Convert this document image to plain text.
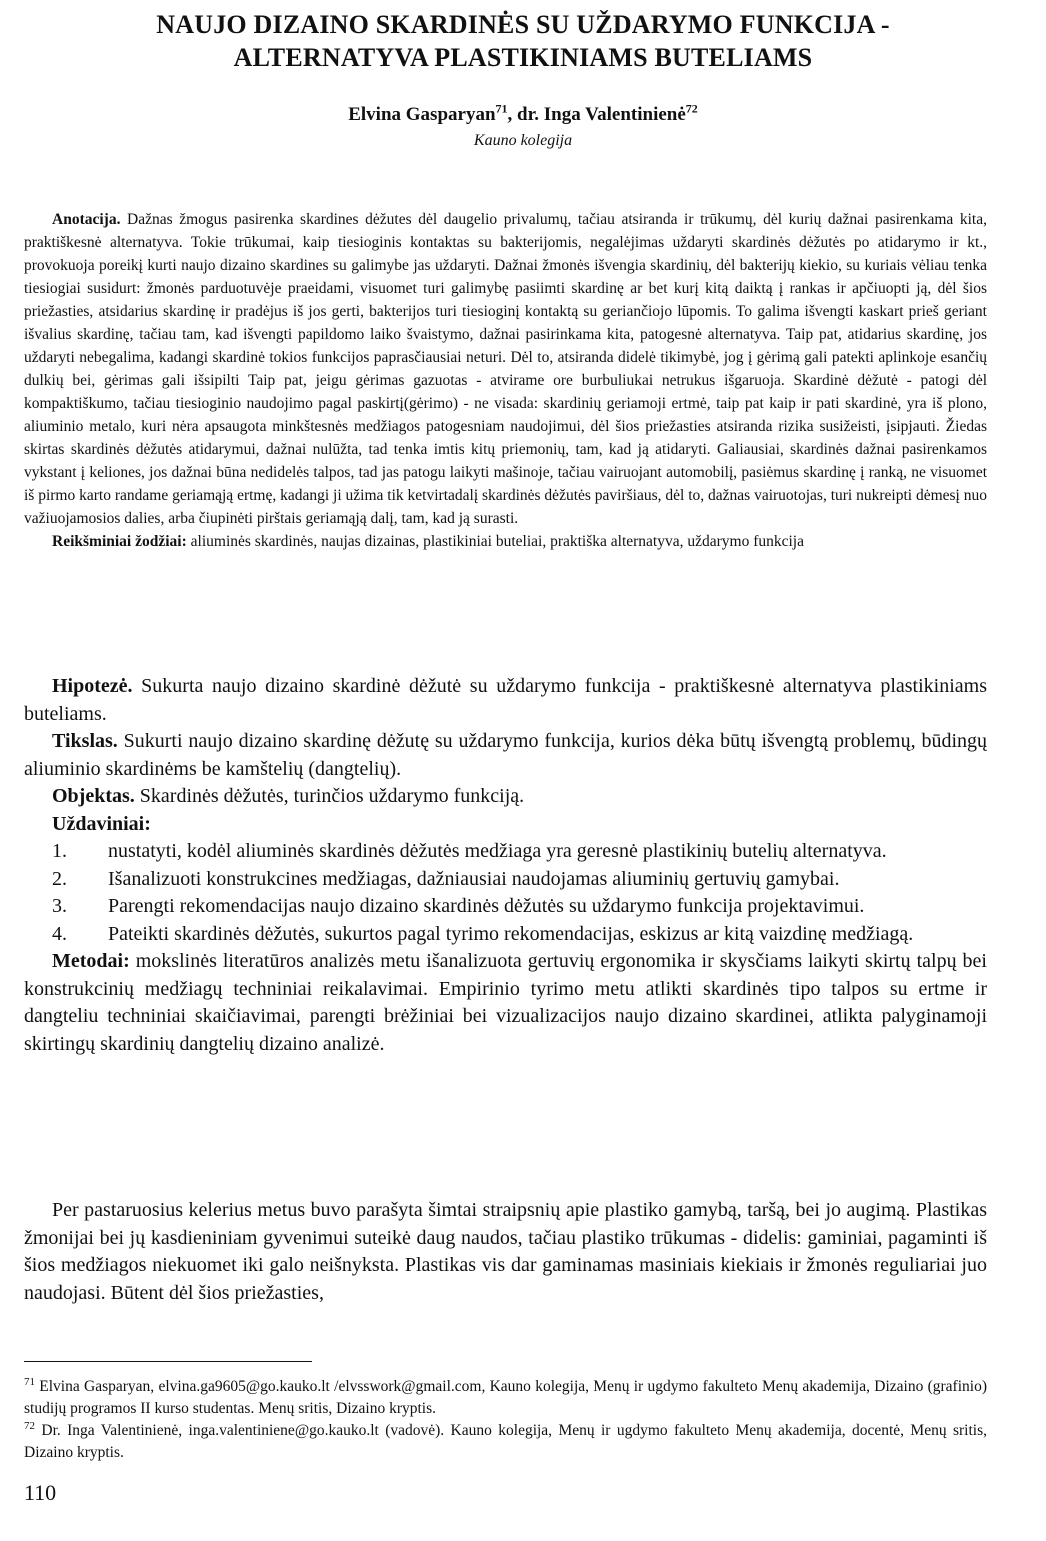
NAUJO DIZAINO SKARDINĖS SU UŽDARYMO FUNKCIJA -
ALTERNATYVA PLASTIKINIAMS BUTELIAMS
Elvina Gasparyan$^{71}$, dr. Inga Valentinienė$^{72}$
Kauno kolegija

Anotacija. Dažnas žmogus pasirenka skardines dėžutes dėl daugelio privalumų, tačiau atsiranda ir trūkumų, dėl kurių dažnai pasirenkama kita, praktiškesnė alternatyva. Tokie trūkumai, kaip tiesioginis kontaktas su bakterijomis, negalėjimas uždaryti skardinės dėžutės po atidarymo ir kt., provokuoja poreikį kurti naujo dizaino skardines su galimybe jas uždaryti. Dažnai žmonės išvengia skardinių, dėl bakterijų kiekio, su kuriais vėliau tenka tiesiogiai susidurt: žmonės parduotuvėje praeidami, visuomet turi galimybę pasiimti skardinę ar bet kurį kitą daiktą į rankas ir apčiuopti ją, dėl šios priežasties, atsidarius skardinę ir pradėjus iš jos gerti, bakterijos turi tiesioginį kontaktą su geriančiojo lūpomis. To galima išvengti kaskart prieš geriant išvalius skardinę, tačiau tam, kad išvengti papildomo laiko švaistymo, dažnai pasirinkama kita, patogesnė alternatyva. Taip pat, atidarius skardinę, jos uždaryti nebegalima, kadangi skardinė tokios funkcijos paprasčiausiai neturi. Dėl to, atsiranda didelė tikimybė, jog į gėrimą gali patekti aplinkoje esančių dulkių bei, gėrimas gali išsipilti Taip pat, jeigu gėrimas gazuotas - atvirame ore burbuliukai netrukus išgaruoja. Skardinė dėžutė - patogi dėl kompaktiškumo, tačiau tiesioginio naudojimo pagal paskirtį(gėrimo) - ne visada: skardinių geriamoji ertmė, taip pat kaip ir pati skardinė, yra iš plono, aliuminio metalo, kuri nėra apsaugota minkštesnės medžiagos patogesniam naudojimui, dėl šios priežasties atsiranda rizika susižeisti, įsipjauti. Žiedas skirtas skardinės dėžutės atidarymui, dažnai nulūžta, tad tenka imtis kitų priemonių, tam, kad ją atidaryti. Galiausiai, skardinės dažnai pasirenkamos vykstant į keliones, jos dažnai būna nedidelės talpos, tad jas patogu laikyti mašinoje, tačiau vairuojant automobilį, pasiėmus skardinę į ranką, ne visuomet iš pirmo karto randame geriamąją ertmę, kadangi ji užima tik ketvirtadalį skardinės dėžutės paviršiaus, dėl to, dažnas vairuotojas, turi nukreipti dėmesį nuo važiuojamosios dalies, arba čiupinėti pirštais geriamąją dalį, tam, kad ją surasti.

Reikšminiai žodžiai: aliuminės skardinės, naujas dizainas, plastikiniai buteliai, praktiška alternatyva, uždarymo funkcija

Hipotezė. Sukurta naujo dizaino skardinė dėžutė su uždarymo funkcija - praktiškesnė alternatyva plastikiniams buteliams.

Tikslas. Sukurti naujo dizaino skardinę dėžutę su uždarymo funkcija, kurios dėka būtų išvengtą problemų, būdingų aliuminio skardinėms be kamštelių (dangtelių).

Objektas. Skardinės dėžutės, turinčios uždarymo funkciją.

Uždaviniai:

1. nustatyti, kodėl aliuminės skardinės dėžutės medžiaga yra geresnė plastikinių butelių alternatyva.

2. Išanalizuoti konstrukcines medžiagas, dažniausiai naudojamas aliuminių gertuvių gamybai.

3. Parengti rekomendacijas naujo dizaino skardinės dėžutės su uždarymo funkcija projektavimui.

4. Pateikti skardinės dėžutės, sukurtos pagal tyrimo rekomendacijas, eskizus ar kitą vaizdinę medžiagą.

Metodai: mokslinės literatūros analizės metu išanalizuota gertuvių ergonomika ir skysčiams laikyti skirtų talpų bei konstrukcinių medžiagų techniniai reikalavimai. Empirinio tyrimo metu atlikti skardinės tipo talpos su ertme ir dangteliu techniniai skaičiavimai, parengti brėžiniai bei vizualizacijos naujo dizaino skardinei, atlikta palyginamoji skirtingų skardinių dangtelių dizaino analizė.

Per pastaruosius kelerius metus buvo parašyta šimtai straipsnių apie plastiko gamybą, taršą, bei jo augimą. Plastikas žmonijai bei jų kasdieniniam gyvenimui suteikė daug naudos, tačiau plastiko trūkumas - didelis: gaminiai, pagaminti iš šios medžiagos niekuomet iki galo neišnyksta. Plastikas vis dar gaminamas masiniais kiekiais ir žmonės reguliariai juo naudojasi. Būtent dėl šios priežasties,

$^{71}$ Elvina Gasparyan, elvina.ga9605@go.kauko.lt /elvsswork@gmail.com, Kauno kolegija, Menų ir ugdymo fakulteto Menų akademija, Dizaino (grafinio) studijų programos II kurso studentas. Menų sritis, Dizaino kryptis.

$^{72}$ Dr. Inga Valentinienė, inga.valentiniene@go.kauko.lt (vadovė). Kauno kolegija, Menų ir ugdymo fakulteto Menų akademija, docentė, Menų sritis, Dizaino kryptis.

110
